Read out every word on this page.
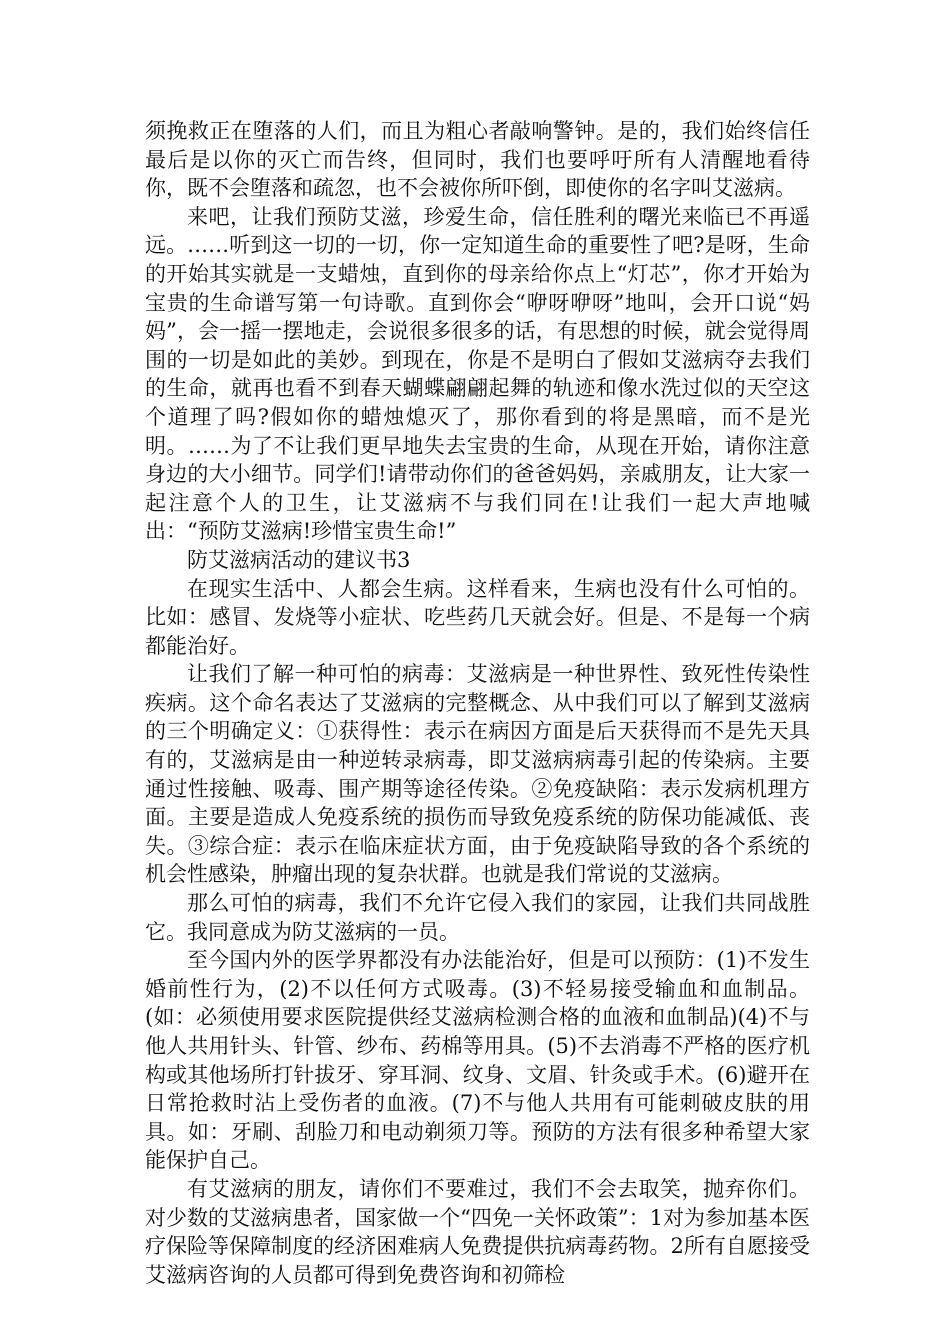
须挽救正在堕落的人们，而且为粗心者敲响警钟。是的，我们始终信任最后是以你的灭亡而告终，但同时，我们也要呼吁所有人清醒地看待你，既不会堕落和疏忽，也不会被你所吓倒，即使你的名字叫艾滋病。

来吧，让我们预防艾滋，珍爱生命，信任胜利的曙光来临已不再遥远。……听到这一切的一切，你一定知道生命的重要性了吧?是呀，生命的开始其实就是一支蜡烛，直到你的母亲给你点上“灯芯”，你才开始为宝贵的生命谱写第一句诗歌。直到你会“咿呀咿呀”地叫，会开口说“妈妈”，会一摇一摆地走，会说很多很多的话，有思想的时候，就会觉得周围的一切是如此的美妙。到现在，你是不是明白了假如艾滋病夺去我们的生命，就再也看不到春天蝴蝶翩翩起舞的轨迹和像水洗过似的天空这个道理了吗?假如你的蜡烛熄灭了，那你看到的将是黑暗，而不是光明。……为了不让我们更早地失去宝贵的生命，从现在开始，请你注意身边的大小细节。同学们!请带动你们的爸爸妈妈，亲戚朋友，让大家一起注意个人的卫生，让艾滋病不与我们同在!让我们一起大声地喊出：“预防艾滋病!珍惜宝贵生命!”

防艾滋病活动的建议书3

在现实生活中、人都会生病。这样看来，生病也没有什么可怕的。比如：感冒、发烧等小症状、吃些药几天就会好。但是、不是每一个病都能治好。

让我们了解一种可怕的病毒：艾滋病是一种世界性、致死性传染性疾病。这个命名表达了艾滋病的完整概念、从中我们可以了解到艾滋病的三个明确定义：①获得性：表示在病因方面是后天获得而不是先天具有的，艾滋病是由一种逆转录病毒，即艾滋病病毒引起的传染病。主要通过性接触、吸毒、围产期等途径传染。②免疫缺陷：表示发病机理方面。主要是造成人免疫系统的损伤而导致免疫系统的防保功能减低、丧失。③综合症：表示在临床症状方面，由于免疫缺陷导致的各个系统的机会性感染，肿瘤出现的复杂状群。也就是我们常说的艾滋病。

那么可怕的病毒，我们不允许它侵入我们的家园，让我们共同战胜它。我同意成为防艾滋病的一员。

至今国内外的医学界都没有办法能治好，但是可以预防：(1)不发生婚前性行为，(2)不以任何方式吸毒。(3)不轻易接受输血和血制品。(如：必须使用要求医院提供经艾滋病检测合格的血液和血制品)(4)不与他人共用针头、针管、纱布、药棉等用具。(5)不去消毒不严格的医疗机构或其他场所打针拔牙、穿耳洞、纹身、文眉、针灸或手术。(6)避开在日常抢救时沾上受伤者的血液。(7)不与他人共用有可能刺破皮肤的用具。如：牙刷、刮脸刀和电动剃须刀等。预防的方法有很多种希望大家能保护自己。

有艾滋病的朋友，请你们不要难过，我们不会去取笑，抛弃你们。对少数的艾滋病患者，国家做一个“四免一关怀政策”：1对为参加基本医疗保险等保障制度的经济困难病人免费提供抗病毒药物。2所有自愿接受艾滋病咨询的人员都可得到免费咨询和初筛检
